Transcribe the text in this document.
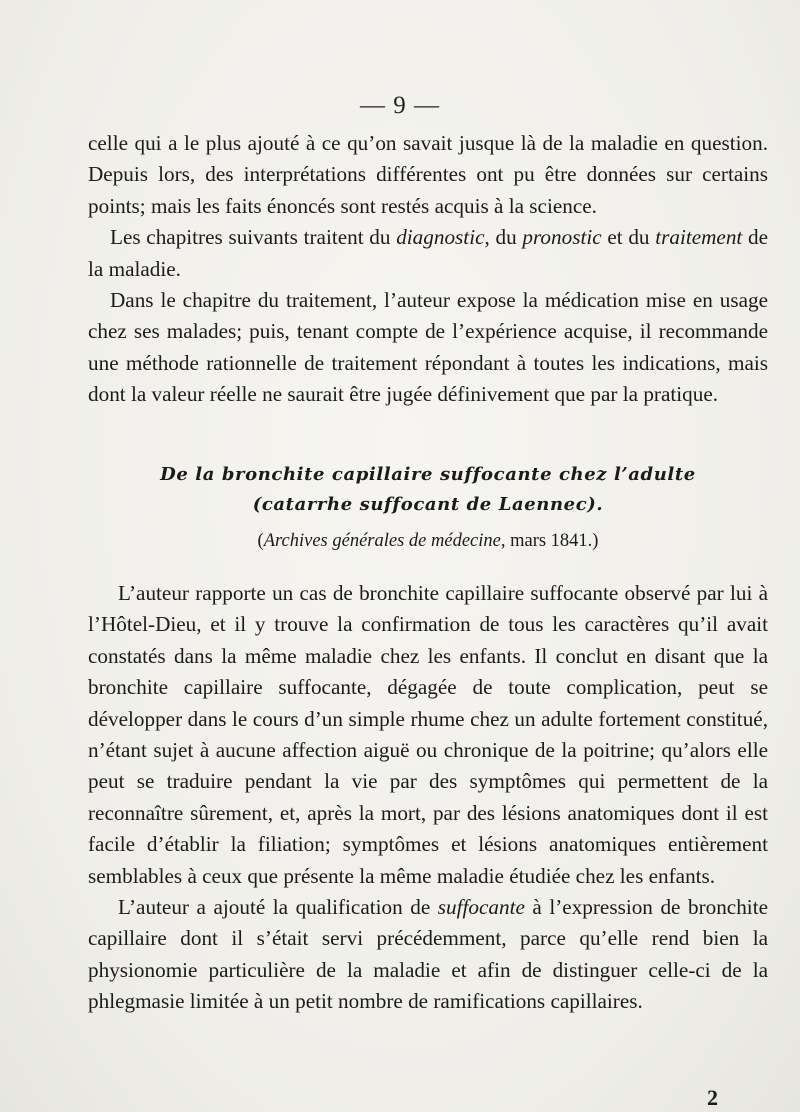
— 9 —

celle qui a le plus ajouté à ce qu’on savait jusque là de la maladie en question. Depuis lors, des interprétations différentes ont pu être données sur certains points; mais les faits énoncés sont restés acquis à la science.

Les chapitres suivants traitent du diagnostic, du pronostic et du traitement de la maladie.

Dans le chapitre du traitement, l’auteur expose la médication mise en usage chez ses malades; puis, tenant compte de l’expérience acquise, il recommande une méthode rationnelle de traitement répondant à toutes les indications, mais dont la valeur réelle ne saurait être jugée définivement que par la pratique.

De la bronchite capillaire suffocante chez l’adulte
(catarrhe suffocant de Laennec).
(Archives générales de médecine, mars 1841.)

L’auteur rapporte un cas de bronchite capillaire suffocante observé par lui à l’Hôtel-Dieu, et il y trouve la confirmation de tous les caractères qu’il avait constatés dans la même maladie chez les enfants. Il conclut en disant que la bronchite capillaire suffocante, dégagée de toute complication, peut se développer dans le cours d’un simple rhume chez un adulte fortement constitué, n’étant sujet à aucune affection aiguë ou chronique de la poitrine; qu’alors elle peut se traduire pendant la vie par des symptômes qui permettent de la reconnaître sûrement, et, après la mort, par des lésions anatomiques dont il est facile d’établir la filiation; symptômes et lésions anatomiques entièrement semblables à ceux que présente la même maladie étudiée chez les enfants.

L’auteur a ajouté la qualification de suffocante à l’expression de bronchite capillaire dont il s’était servi précédemment, parce qu’elle rend bien la physionomie particulière de la maladie et afin de distinguer celle-ci de la phlegmasie limitée à un petit nombre de ramifications capillaires.

2
